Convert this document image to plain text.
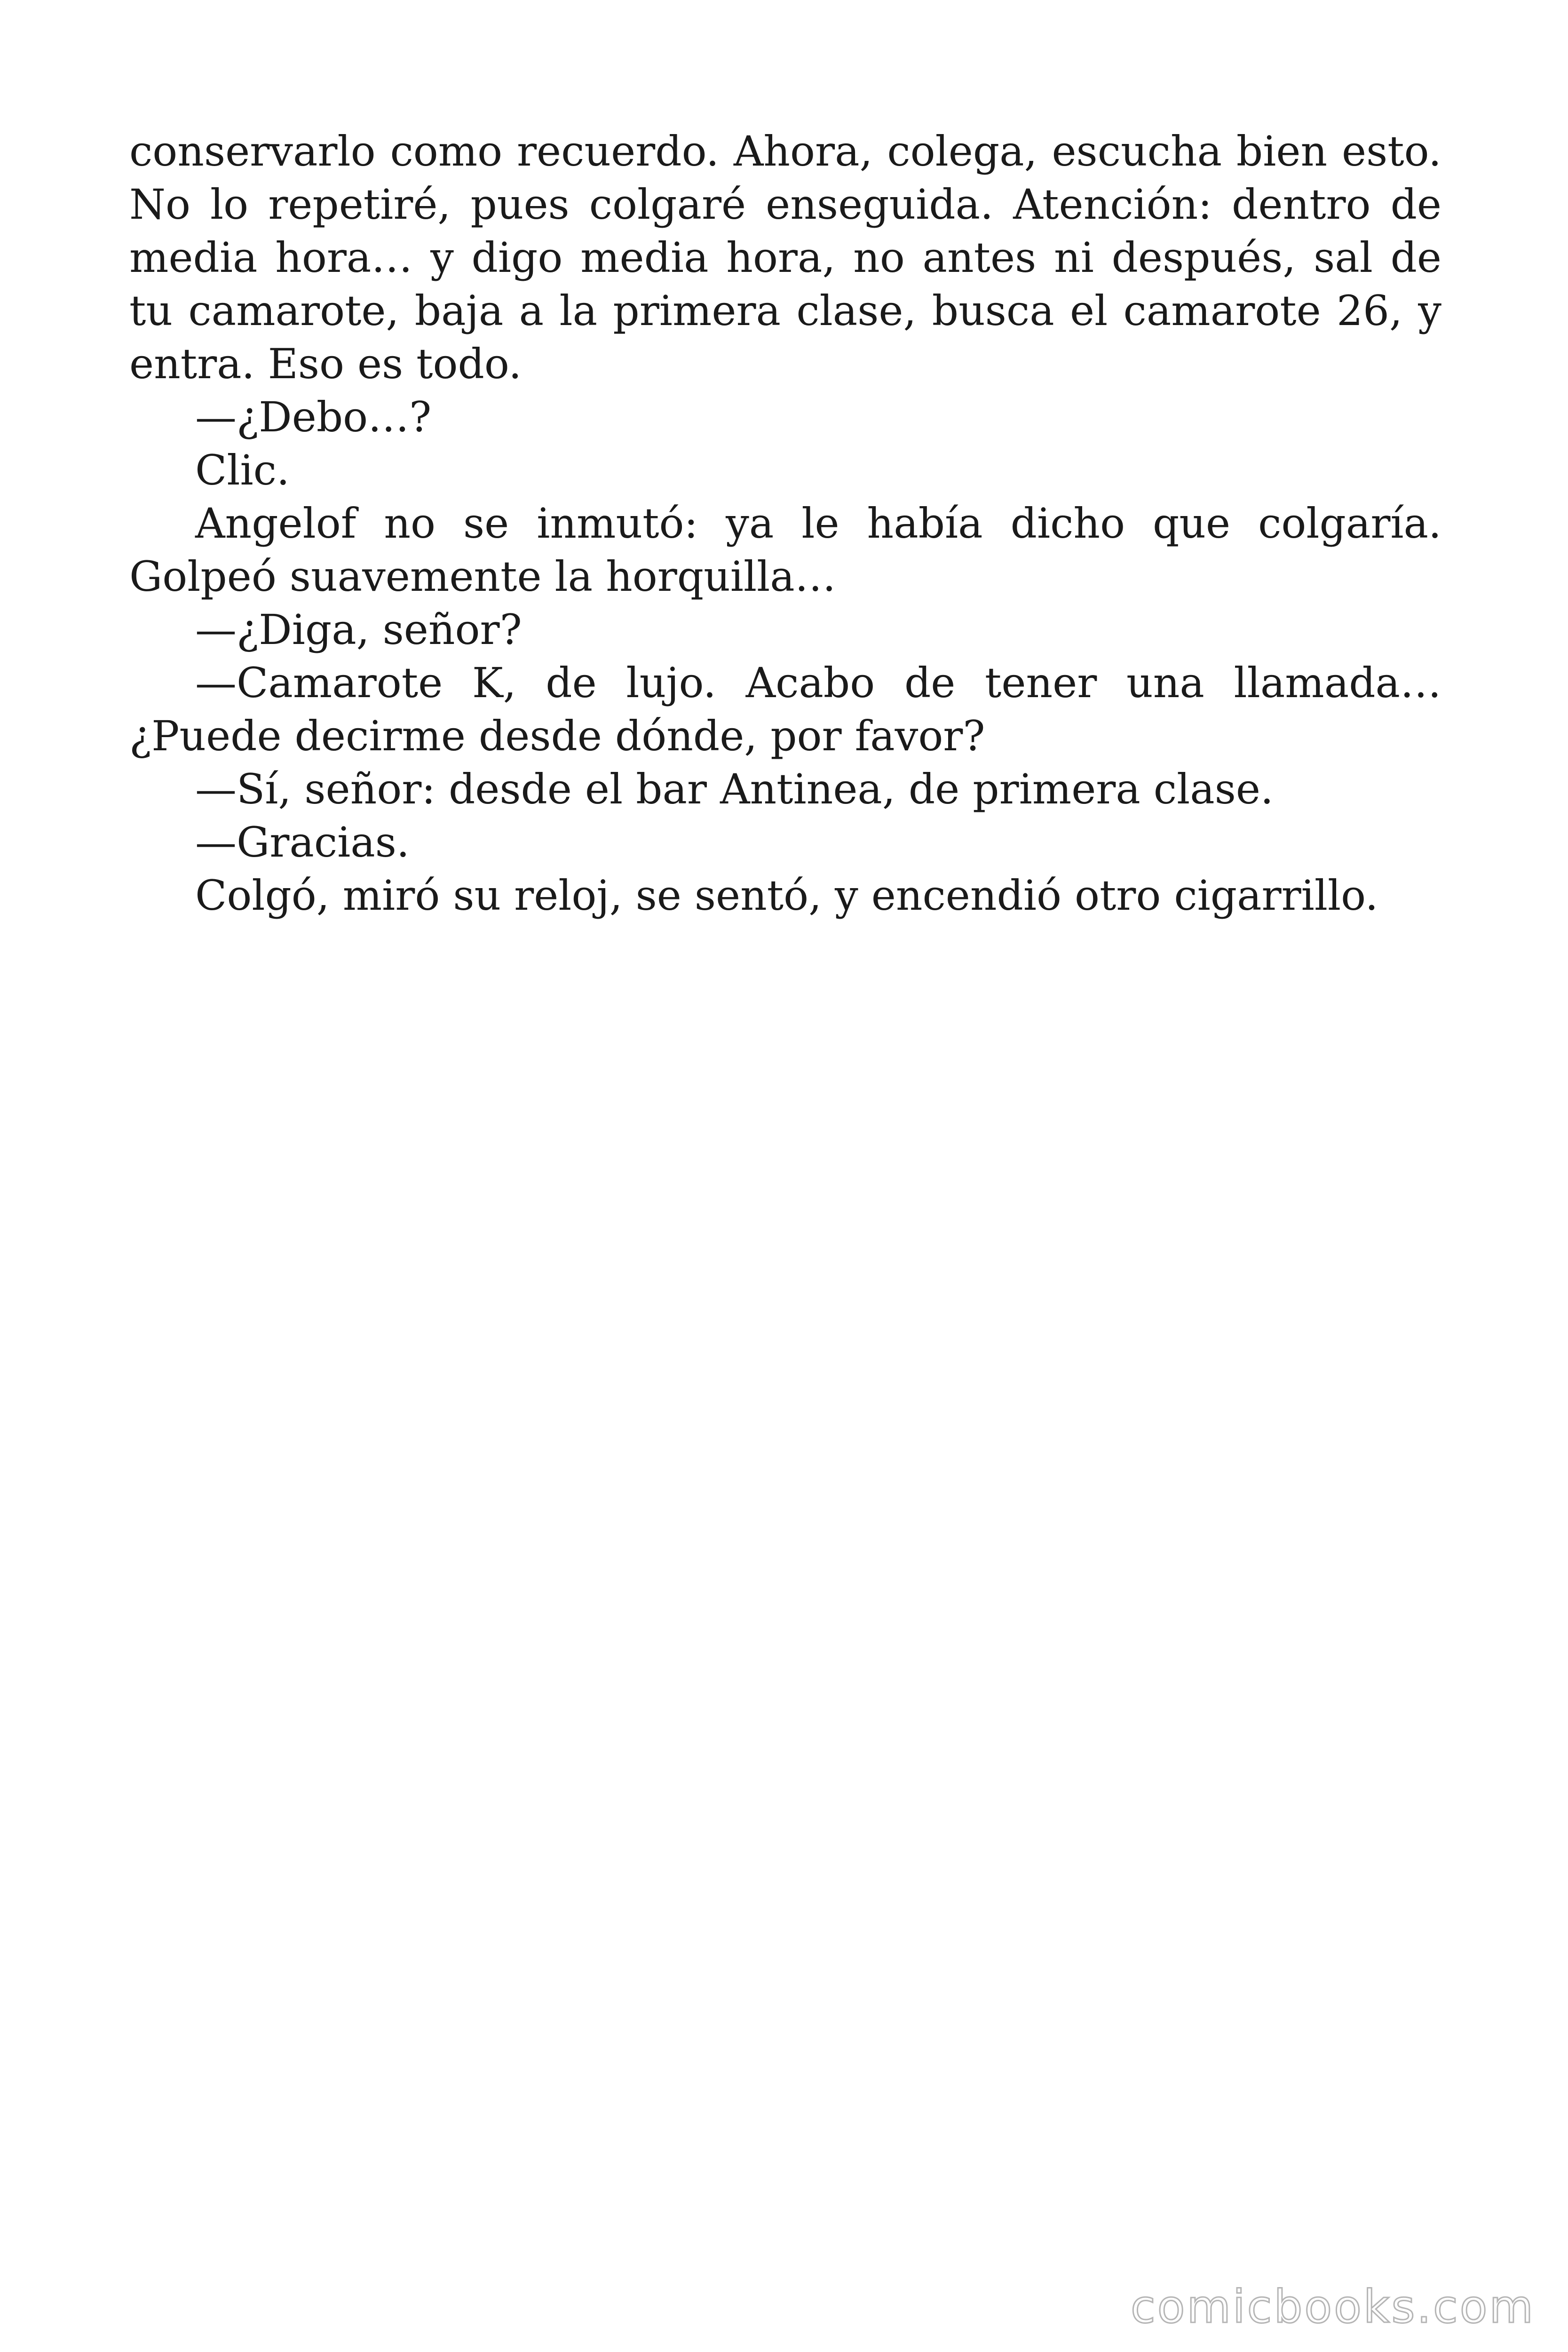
conservarlo como recuerdo. Ahora, colega, escucha bien esto. No lo repetiré, pues colgaré enseguida. Atención: dentro de media hora… y digo media hora, no antes ni después, sal de tu camarote, baja a la primera clase, busca el camarote 26, y entra. Eso es todo.

—¿Debo…?

Clic.

Angelof no se inmutó: ya le había dicho que colgaría. Golpeó suavemente la horquilla…

—¿Diga, señor?

—Camarote K, de lujo. Acabo de tener una llamada… ¿Puede decirme desde dónde, por favor?

—Sí, señor: desde el bar Antinea, de primera clase.

—Gracias.

Colgó, miró su reloj, se sentó, y encendió otro cigarrillo.

comicbooks.com
